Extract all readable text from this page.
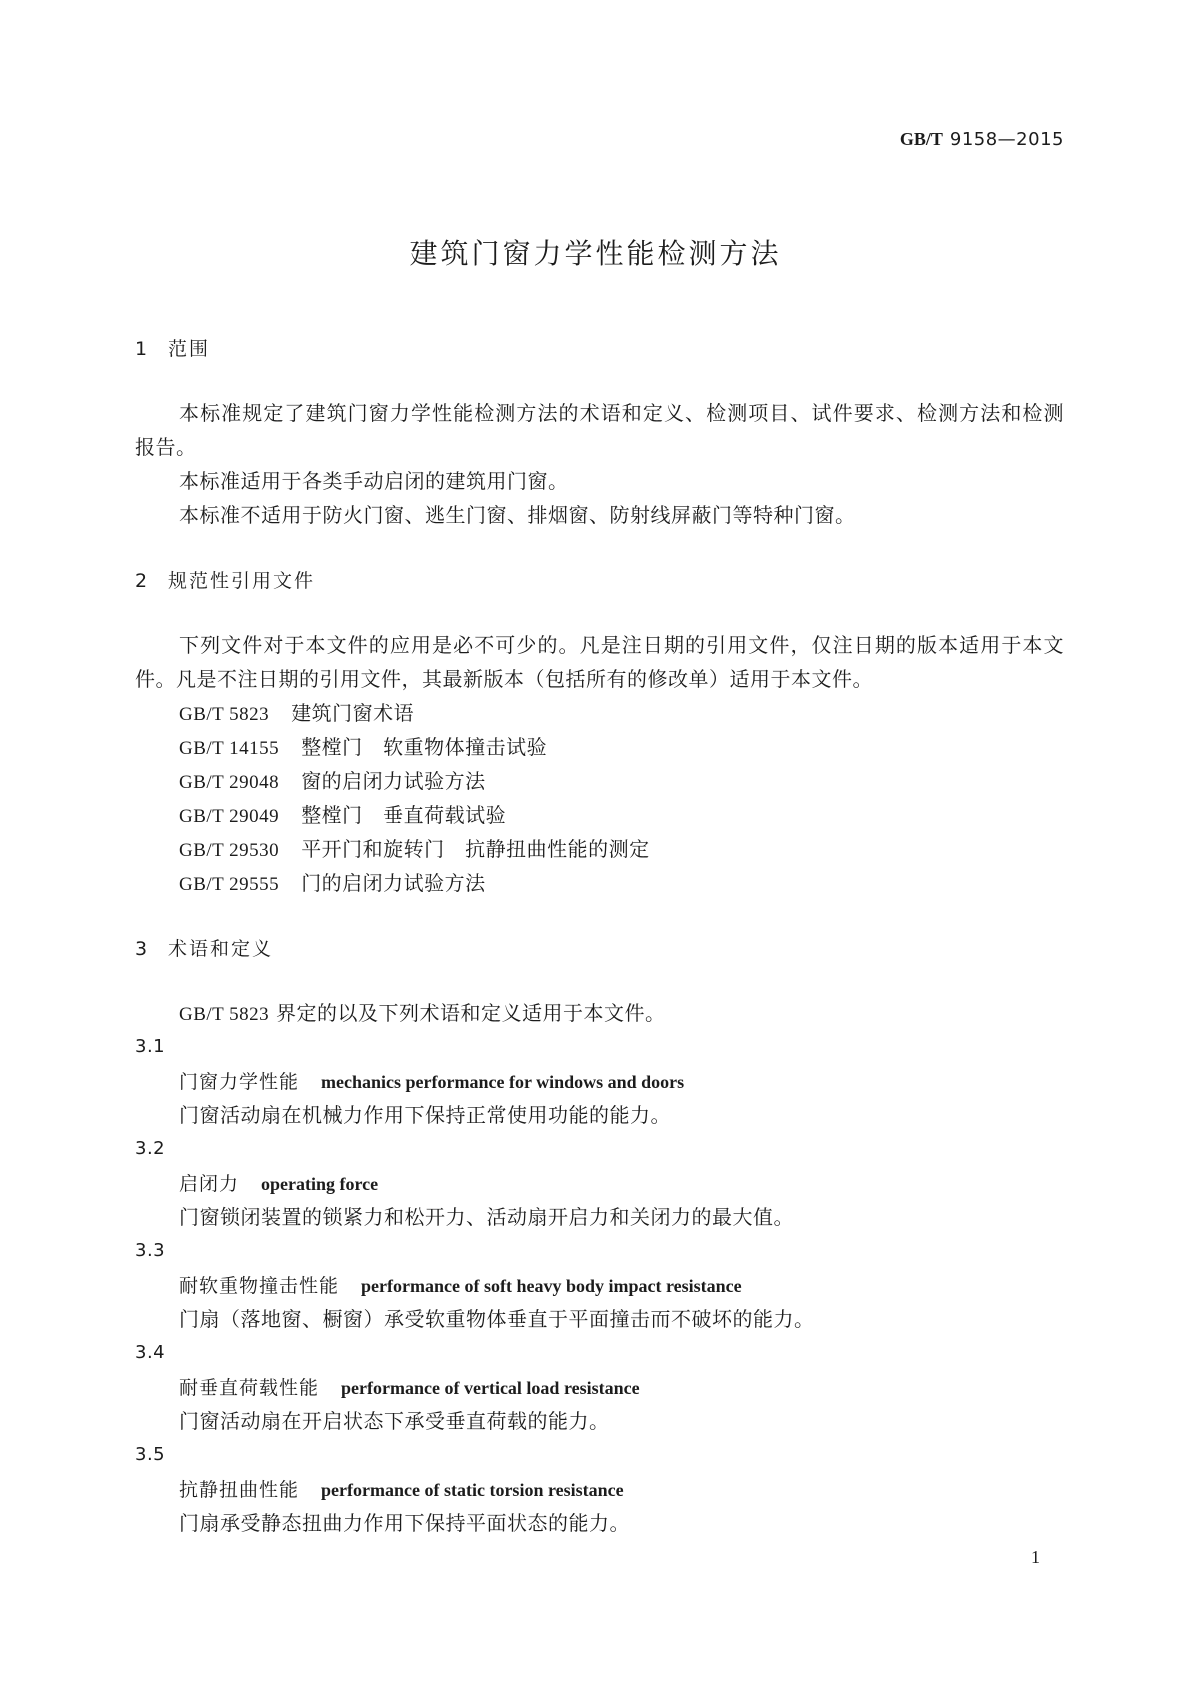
GB/T 9158—2015
建筑门窗力学性能检测方法
1 范围
本标准规定了建筑门窗力学性能检测方法的术语和定义、检测项目、试件要求、检测方法和检测
报告。
本标准适用于各类手动启闭的建筑用门窗。
本标准不适用于防火门窗、逃生门窗、排烟窗、防射线屏蔽门等特种门窗。
2 规范性引用文件
下列文件对于本文件的应用是必不可少的。凡是注日期的引用文件，仅注日期的版本适用于本文
件。凡是不注日期的引用文件，其最新版本（包括所有的修改单）适用于本文件。
GB/T 5823 建筑门窗术语
GB/T 14155 整樘门　软重物体撞击试验
GB/T 29048 窗的启闭力试验方法
GB/T 29049 整樘门　垂直荷载试验
GB/T 29530 平开门和旋转门　抗静扭曲性能的测定
GB/T 29555 门的启闭力试验方法
3 术语和定义
GB/T 5823 界定的以及下列术语和定义适用于本文件。
3.1
门窗力学性能 mechanics performance for windows and doors
门窗活动扇在机械力作用下保持正常使用功能的能力。
3.2
启闭力 operating force
门窗锁闭装置的锁紧力和松开力、活动扇开启力和关闭力的最大值。
3.3
耐软重物撞击性能 performance of soft heavy body impact resistance
门扇（落地窗、橱窗）承受软重物体垂直于平面撞击而不破坏的能力。
3.4
耐垂直荷载性能 performance of vertical load resistance
门窗活动扇在开启状态下承受垂直荷载的能力。
3.5
抗静扭曲性能 performance of static torsion resistance
门扇承受静态扭曲力作用下保持平面状态的能力。
1
